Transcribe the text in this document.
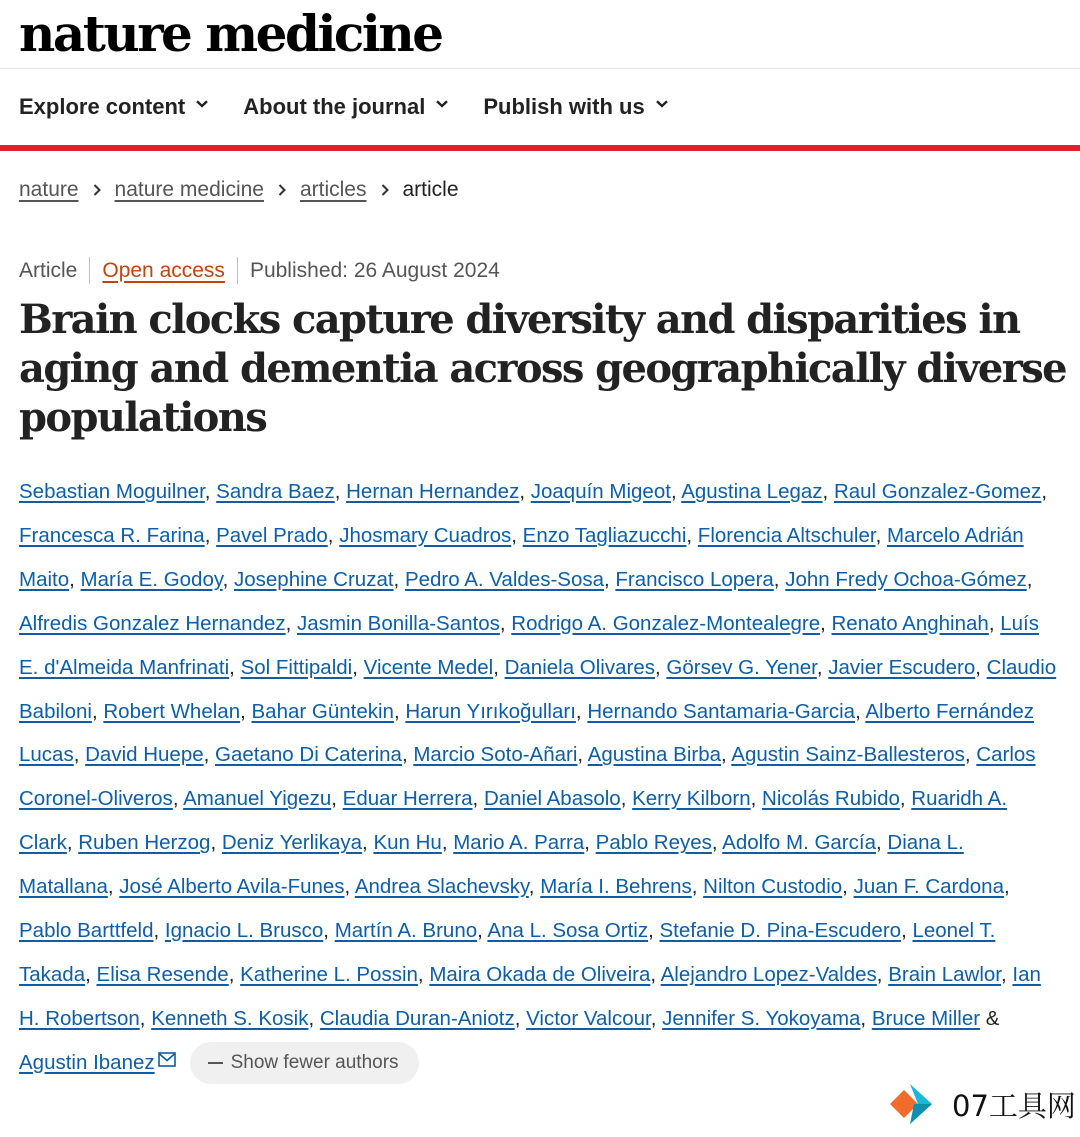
nature medicine
Explore content	About the journal	Publish with us
nature nature medicine articles article
Article Open access Published: 26 August 2024
Brain clocks capture diversity and disparities in aging and dementia across geographically diverse populations
Sebastian Moguilner, Sandra Baez, Hernan Hernandez, Joaquín Migeot, Agustina Legaz, Raul Gonzalez-Gomez, Francesca R. Farina, Pavel Prado, Jhosmary Cuadros, Enzo Tagliazucchi, Florencia Altschuler, Marcelo Adrián Maito, María E. Godoy, Josephine Cruzat, Pedro A. Valdes-Sosa, Francisco Lopera, John Fredy Ochoa-Gómez, Alfredis Gonzalez Hernandez, Jasmin Bonilla-Santos, Rodrigo A. Gonzalez-Montealegre, Renato Anghinah, Luís E. d'Almeida Manfrinati, Sol Fittipaldi, Vicente Medel, Daniela Olivares, Görsev G. Yener, Javier Escudero, Claudio Babiloni, Robert Whelan, Bahar Güntekin, Harun Yırıkoğulları, Hernando Santamaria-Garcia, Alberto Fernández Lucas, David Huepe, Gaetano Di Caterina, Marcio Soto-Añari, Agustina Birba, Agustin Sainz-Ballesteros, Carlos Coronel-Oliveros, Amanuel Yigezu, Eduar Herrera, Daniel Abasolo, Kerry Kilborn, Nicolás Rubido, Ruaridh A. Clark, Ruben Herzog, Deniz Yerlikaya, Kun Hu, Mario A. Parra, Pablo Reyes, Adolfo M. García, Diana L. Matallana, José Alberto Avila-Funes, Andrea Slachevsky, María I. Behrens, Nilton Custodio, Juan F. Cardona, Pablo Barttfeld, Ignacio L. Brusco, Martín A. Bruno, Ana L. Sosa Ortiz, Stefanie D. Pina-Escudero, Leonel T. Takada, Elisa Resende, Katherine L. Possin, Maira Okada de Oliveira, Alejandro Lopez-Valdes, Brain Lawlor, Ian H. Robertson, Kenneth S. Kosik, Claudia Duran-Aniotz, Victor Valcour, Jennifer S. Yokoyama, Bruce Miller & Agustin Ibanez	Show fewer authors
07工具网
